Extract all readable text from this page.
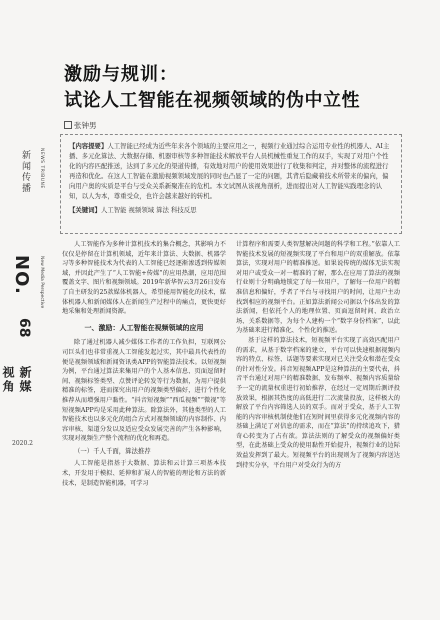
激励与规训：
试论人工智能在视频领域的伪中立性
张钟男

【内容提要】人工智能已经成为近些年来各个领域的主要应用之一，视频行业通过综合运用专业性的机器人、AI主播、多元化算法、大数据存储、机器审核等多种智能技术解放平台人员机械性重复工作的双手，实现了对用户个性化的内容匹配推送，达到了多元化的渠道传播，有效地对用户的使用效果进行了收集和判定，并对整体的流程进行再造和优化。在这人工智能在激励视频领域发展的同时也凸显了一定的问题，其背后隐藏着技术所带来的偏向，偏向用户奥的实质是平台与受众关系新聚准在的危机。本文试图从该视角剖析，进而提出对人工智能实践理念的认知，以人为本，尊重受众，也许会越来越好的转机。

【关键词】人工智能 视频领域 算法 科技反思

新闻传播	NEWS TRIBUNE
NO.
68
New Media Perspective
新媒视角
2020.2

人工智能作为多种计算机技术的集合概念，其影响力不仅仅是停留在计算机领域，近年来计算法、大数据、机器学习等多种智能技术为代表的人工智能已经逐渐渗透到传媒领域，并因此产生了“人工智能+传媒”的应用热潮，应用范围覆盖文字、图片和视频领域。2019年新华智云3月26日发布了自主研发的25款媒体机器人，希望能用智能化的技术，媒体机器人和新闻媒体人在新闻生产过程中的痛点，更快更好地采集和处理新闻资源。

一、激励：人工智能在视频领域的应用

除了通过机器人减少媒体工作者的工作负担，互联网公司巨头们也非常重视人工智能发起过实，其中最具代表性的便是视频领域和新闻资讯类APP的智能算法技术。以短视频为例，平台通过算法来集用户的个人基本信息、页面逗留时间、视频标签类型、点赞评论转发等行为数据，为用户提供精准的标签，进而探究出用户的视频类型偏好，进行个性化推荐从而增强用户黏性。“抖音短视频”“西瓜视频”“微视”等短视频APP均是采用此种算法。除算法外，其他类型的人工智能技术也以多元化的组合方式对视频领域的内容制作、内容审核、渠道分发以及适应受众发展完善的产生各种影响，实现对视频生产整个流程的优化和再造。

（一）千人千面，算法推荐

人工智能是指基于大数据、算法和云计算三项基本技术，开发用于模拟、延伸和扩展人的智能的理论和方法的新技术，是制造智能机器，可学习

计算程序和需要人类智慧解决问题的科学和工程。”依靠人工智能技术发展的短视频实现了平台和用户的双重解放。依靠算法，实现对用户的精准推送。如果说传统的媒体无法实现对用户或受众一对一精准的了解，那么在应用了算法的视频行业则十分明确地锁定了每一位用户，了解每一位用户的精准信息和偏好，乎者了平台与寻找用户的时间，让用户主动找到相应的视频平台。正如算法新闻公司据以个体出发的算法新闻，但依托个人的地理位置、页面逗留时间、政治立场、关系数据等，为每个人建构一个“数字身份档案”，以此为基础来进行精准化、个性化的推送。

基于这样的算法技术，短视频平台实现了高效匹配用户的需求，从基于数字档案的建立，平台可以快速根据视频内容的特点、标签、话题等要素实现对已关注受众和潜在受众的针对性分发。抖音短视频APP是这种算法的主要代表，抖音平台通过对用户的精准数据、发布频率、视频内容质量给予一定的流量权重进行初始推荐，在经过一定周期后测评投放效果，根据其热度的高低进行二次流量投放，这样极大的解放了平台内容筛选人员的双手。而对于受众，基于人工智能的内容审核机制使他们在短时间里获得多元化视频内容的基础上满足了对信息的需求，而在“算法”的持续追攻下，猎奇心转变为了占有欲。算法法则的了解受众的视频偏好类型，在此基础上受众的使用黏性开始提升，视频行业的边际效益发挥到了最大。短视频平台的出现则为了视频内容送达到持实分享，平台用户对受众行为的方
